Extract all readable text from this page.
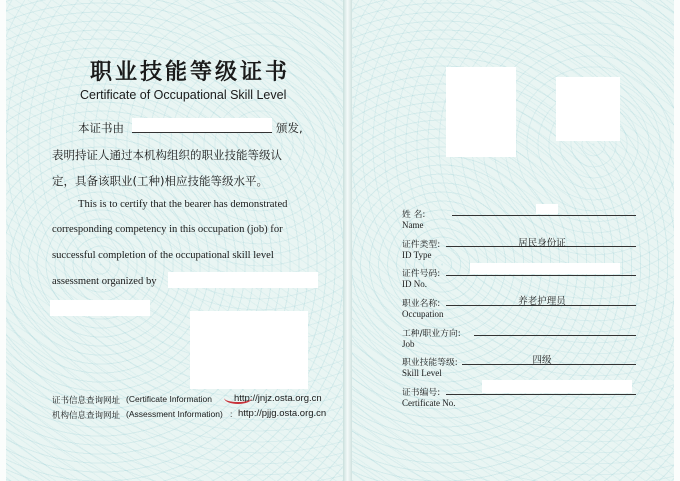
职业技能等级证书
Certificate of Occupational Skill Level
本证书由	颁发,
表明持证人通过本机构组织的职业技能等级认
定，具备该职业(工种)相应技能等级水平。
This is to certify that the bearer has demonstrated
corresponding competency in this occupation (job) for
successful completion of the occupational skill level
assessment organized by
证书信息查询网址 (Certificate Information http://jnjz.osta.org.cn
机构信息查询网址 (Assessment Information) : http://pjjg.osta.org.cn
姓 名:
Name
证件类型:
ID Type
居民身份证
证件号码:
ID No.
职业名称:
Occupation
养老护理员
工种/职业方向:
Job
职业技能等级:
Skill Level
四级
证书编号:
Certificate No.
